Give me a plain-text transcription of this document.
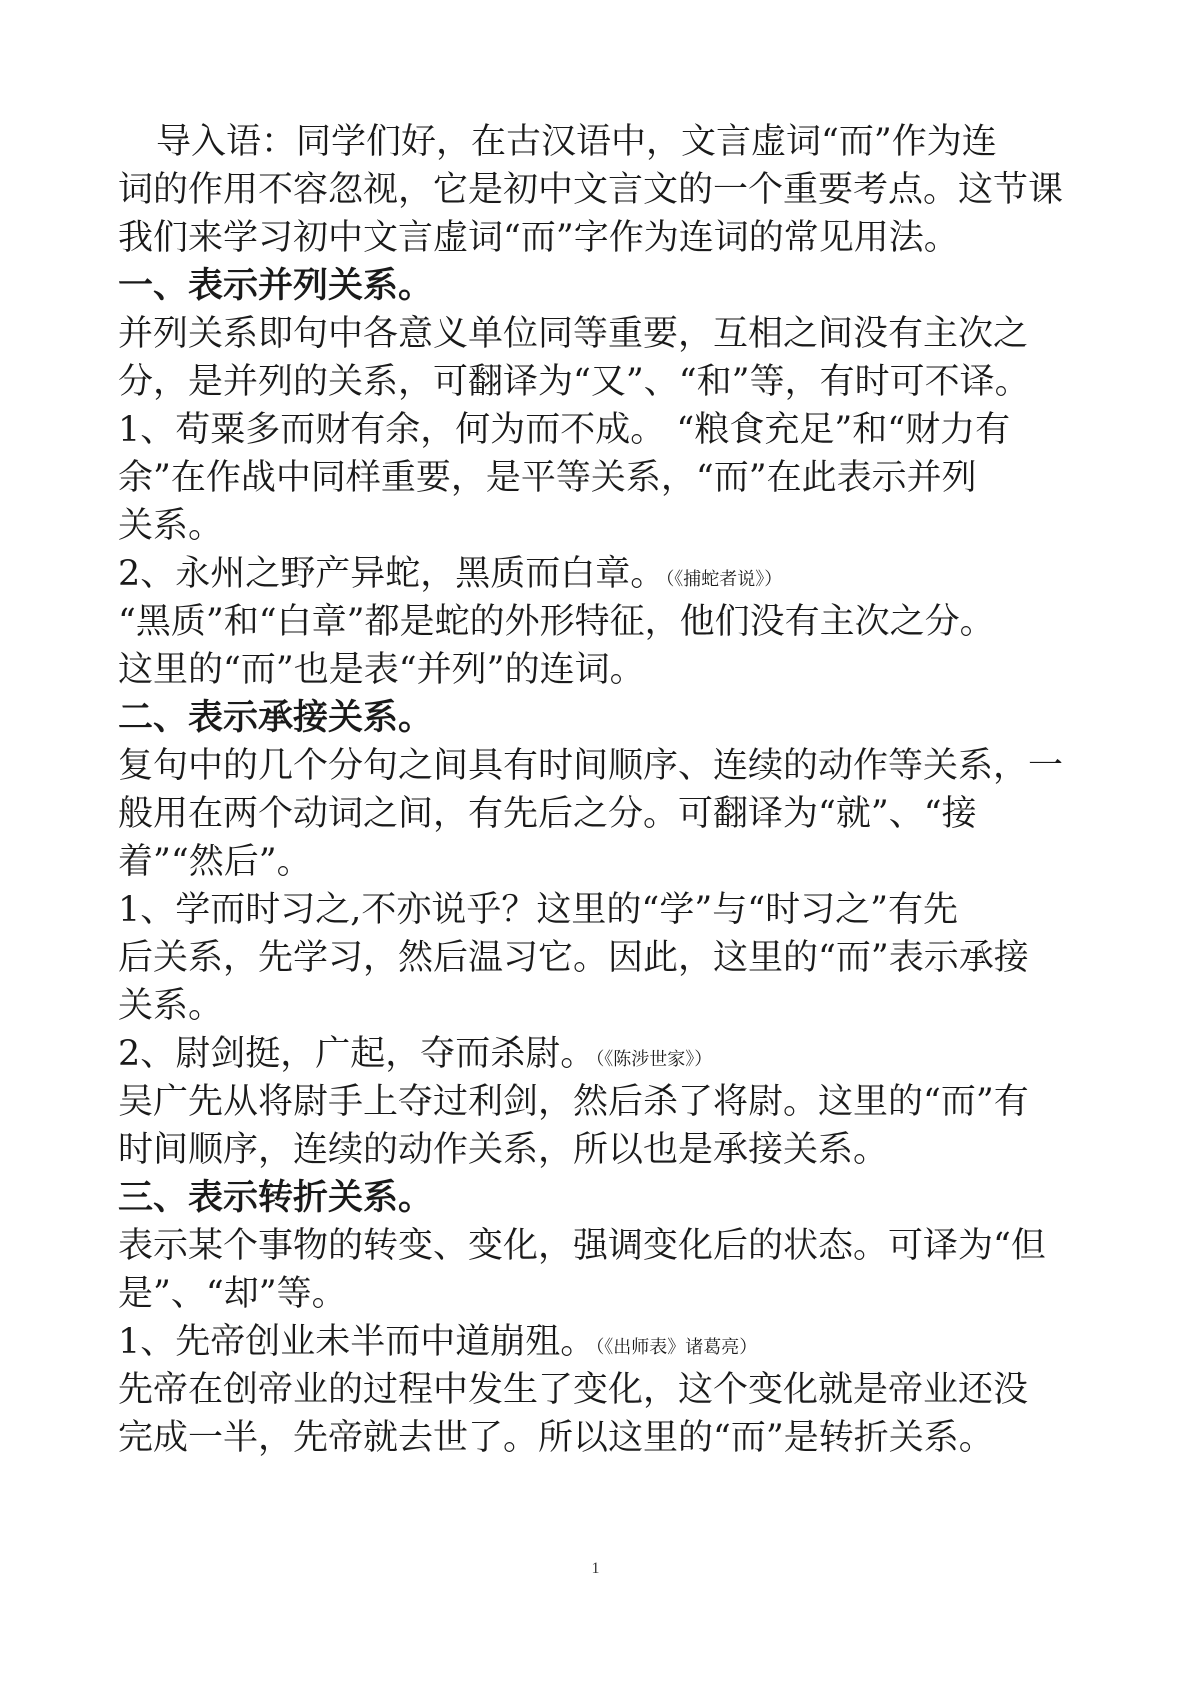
导入语：同学们好，在古汉语中，文言虚词“而”作为连
词的作用不容忽视，它是初中文言文的一个重要考点。这节课
我们来学习初中文言虚词“而”字作为连词的常见用法。
一、表示并列关系。
并列关系即句中各意义单位同等重要，互相之间没有主次之
分，是并列的关系，可翻译为“又”、“和”等，有时可不译。
1、苟粟多而财有余，何为而不成。 “粮食充足”和“财力有
余”在作战中同样重要，是平等关系，“而”在此表示并列
关系。
2、永州之野产异蛇，黑质而白章。（《捕蛇者说》）
“黑质”和“白章”都是蛇的外形特征，他们没有主次之分。
这里的“而”也是表“并列”的连词。
二、表示承接关系。
复句中的几个分句之间具有时间顺序、连续的动作等关系，一
般用在两个动词之间，有先后之分。可翻译为“就”、“接
着”“然后”。
1、学而时习之,不亦说乎？这里的“学”与“时习之”有先
后关系，先学习，然后温习它。因此，这里的“而”表示承接
关系。
2、尉剑挺，广起，夺而杀尉。（《陈涉世家》）
吴广先从将尉手上夺过利剑，然后杀了将尉。这里的“而”有
时间顺序，连续的动作关系，所以也是承接关系。
三、表示转折关系。
表示某个事物的转变、变化，强调变化后的状态。可译为“但
是”、“却”等。
1、先帝创业未半而中道崩殂。（《出师表》诸葛亮）
先帝在创帝业的过程中发生了变化，这个变化就是帝业还没
完成一半，先帝就去世了。所以这里的“而”是转折关系。
1
